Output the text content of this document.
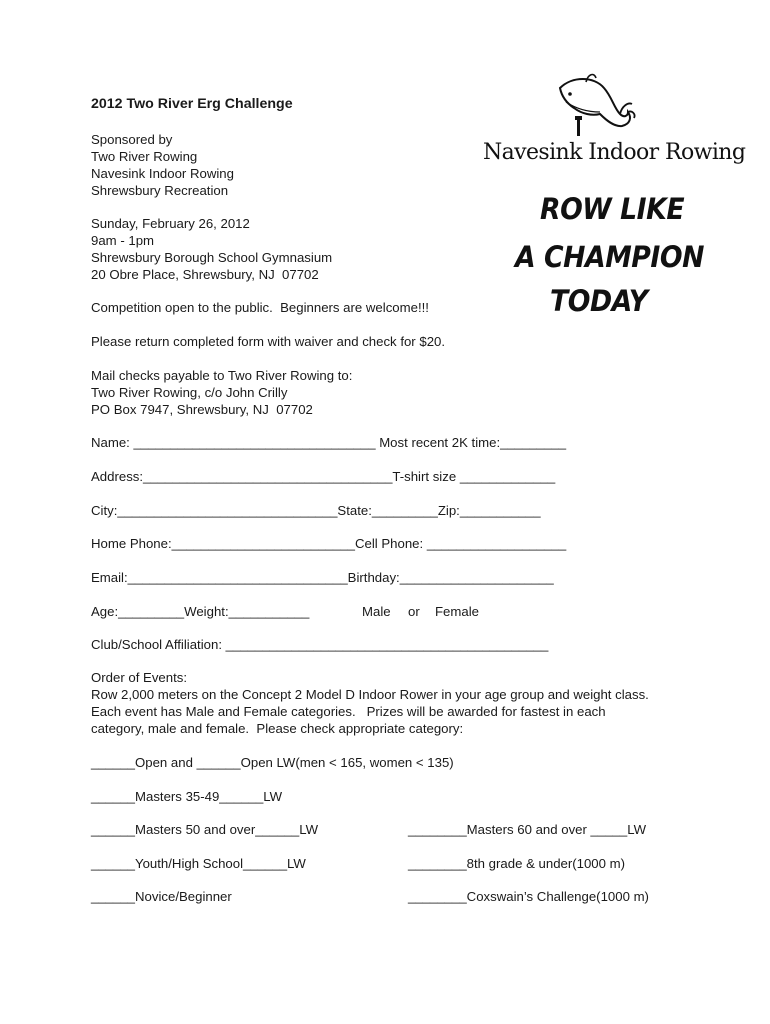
2012 Two River Erg Challenge
Sponsored by
Two River Rowing
Navesink Indoor Rowing
Shrewsbury Recreation
Sunday, February 26, 2012
9am - 1pm
Shrewsbury Borough School Gymnasium
20 Obre Place, Shrewsbury, NJ  07702
Competition open to the public.  Beginners are welcome!!!
Please return completed form with waiver and check for $20.
Mail checks payable to Two River Rowing to:
Two River Rowing, c/o John Crilly
PO Box 7947, Shrewsbury, NJ  07702
Navesink Indoor Rowing
ROW LIKE
A CHAMPION
TODAY
Name: _________________________________ Most recent 2K time:_________
Address:__________________________________T-shirt size _____________
City:______________________________State:_________Zip:___________
Home Phone:_________________________Cell Phone: ___________________
Email:______________________________Birthday:_____________________
Age:_________Weight:___________	Male or Female
Club/School Affiliation: ____________________________________________
Order of Events:
Row 2,000 meters on the Concept 2 Model D Indoor Rower in your age group and weight class.
Each event has Male and Female categories.   Prizes will be awarded for fastest in each
category, male and female.  Please check appropriate category:
______Open and ______Open LW(men < 165, women < 135)
______Masters 35-49______LW
______Masters 50 and over______LW	________Masters 60 and over _____LW
______Youth/High School______LW	________8th grade & under(1000 m)
______Novice/Beginner	________Coxswain’s Challenge(1000 m)
